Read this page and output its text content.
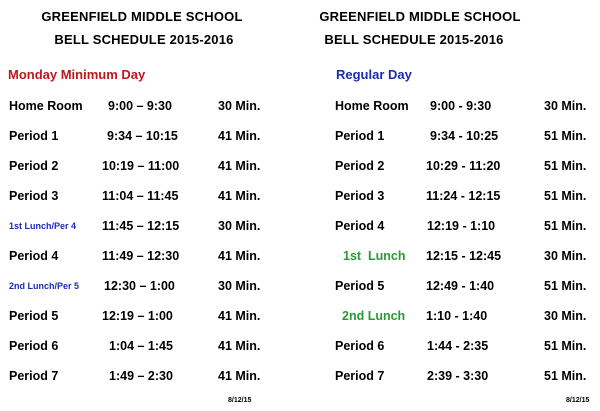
GREENFIELD MIDDLE SCHOOL
BELL SCHEDULE 2015-2016
Monday Minimum Day
Home Room 9:00 – 9:30	30 Min.
Period 1	9:34 – 10:15	41 Min.
Period 2	10:19 – 11:00	41 Min.
Period 3	11:04 – 11:45	41 Min.
1st Lunch/Per 4 11:45 – 12:15	30 Min.
Period 4	11:49 – 12:30	41 Min.
2nd Lunch/Per 5 12:30 – 1:00	30 Min.
Period 5	12:19 – 1:00	41 Min.
Period 6	1:04 – 1:45	41 Min.
Period 7	1:49 – 2:30	41 Min.
8/12/15
GREENFIELD MIDDLE SCHOOL
BELL SCHEDULE 2015-2016
Regular Day
Home Room 9:00 - 9:30	30 Min.
Period 1	9:34 - 10:25	51 Min.
Period 2	10:29 - 11:20	51 Min.
Period 3	11:24 - 12:15	51 Min.
Period 4	12:19 - 1:10	51 Min.
1st  Lunch 12:15 - 12:45	30 Min.
Period 5	12:49 - 1:40	51 Min.
2nd Lunch 1:10 - 1:40	30 Min.
Period 6	1:44 - 2:35	51 Min.
Period 7	2:39 - 3:30	51 Min.
8/12/15
